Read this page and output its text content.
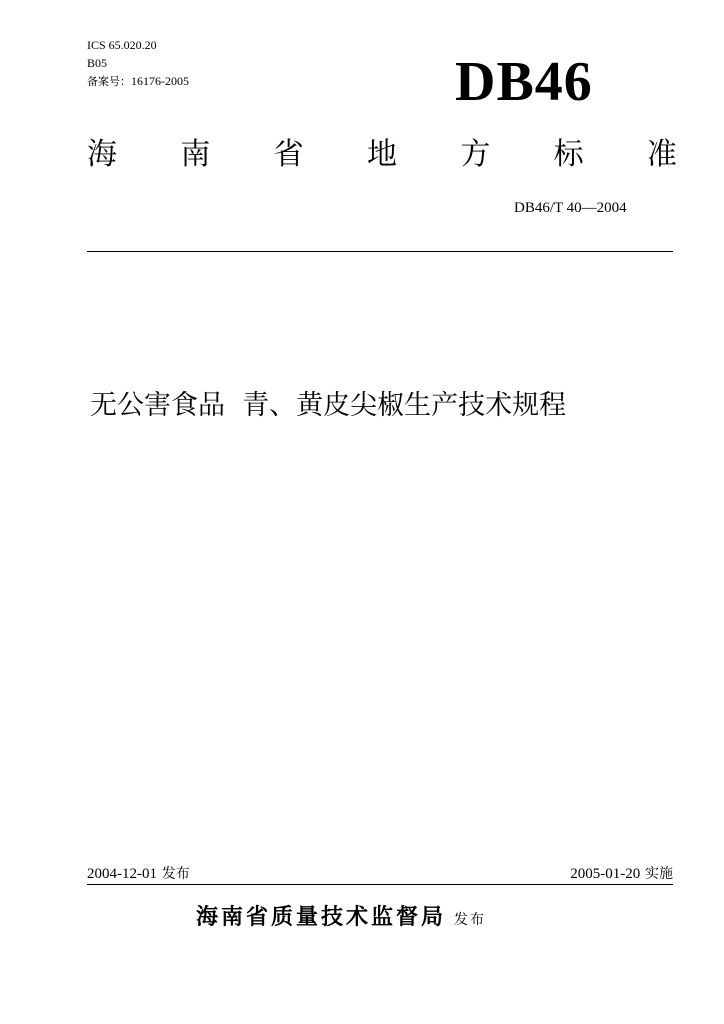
ICS 65.020.20
B05
备案号：16176-2005	DB46
海 南 省 地 方 标 准
DB46/T 40—2004
无公害食品  青、黄皮尖椒生产技术规程
2004-12-01 发布	2005-01-20 实施
海南省质量技术监督局 发布
